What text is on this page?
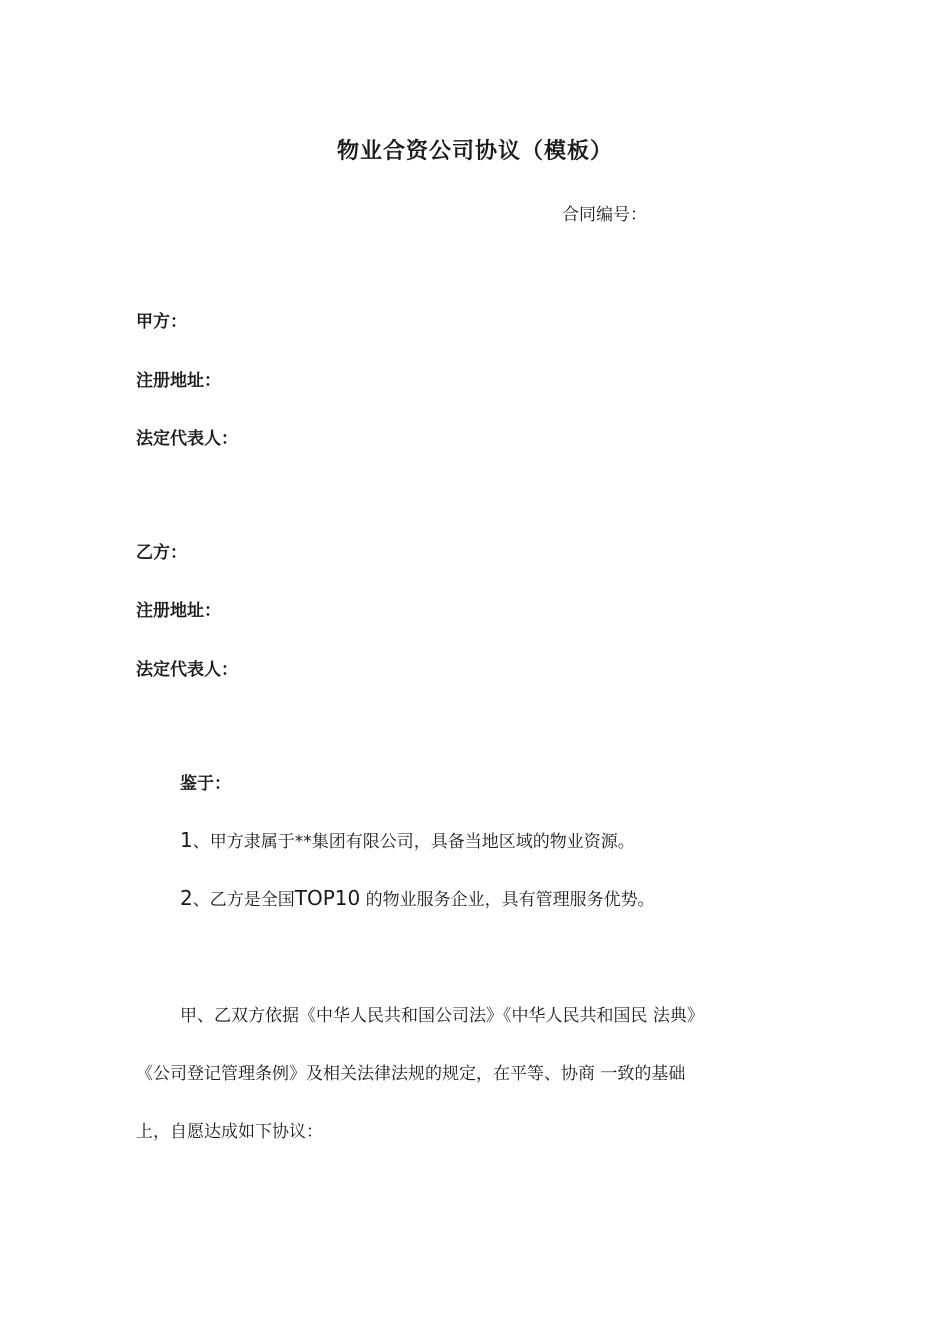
物业合资公司协议（模板）
合同编号：
甲方：
注册地址：
法定代表人：
乙方：
注册地址：
法定代表人：
鉴于：
1、甲方隶属于**集团有限公司，具备当地区域的物业资源。
2、乙方是全国TOP10 的物业服务企业，具有管理服务优势。
甲、乙双方依据《中华人民共和国公司法》《中华人民共和国民 法典》
《公司登记管理条例》及相关法律法规的规定，在平等、协商 一致的基础
上，自愿达成如下协议：
